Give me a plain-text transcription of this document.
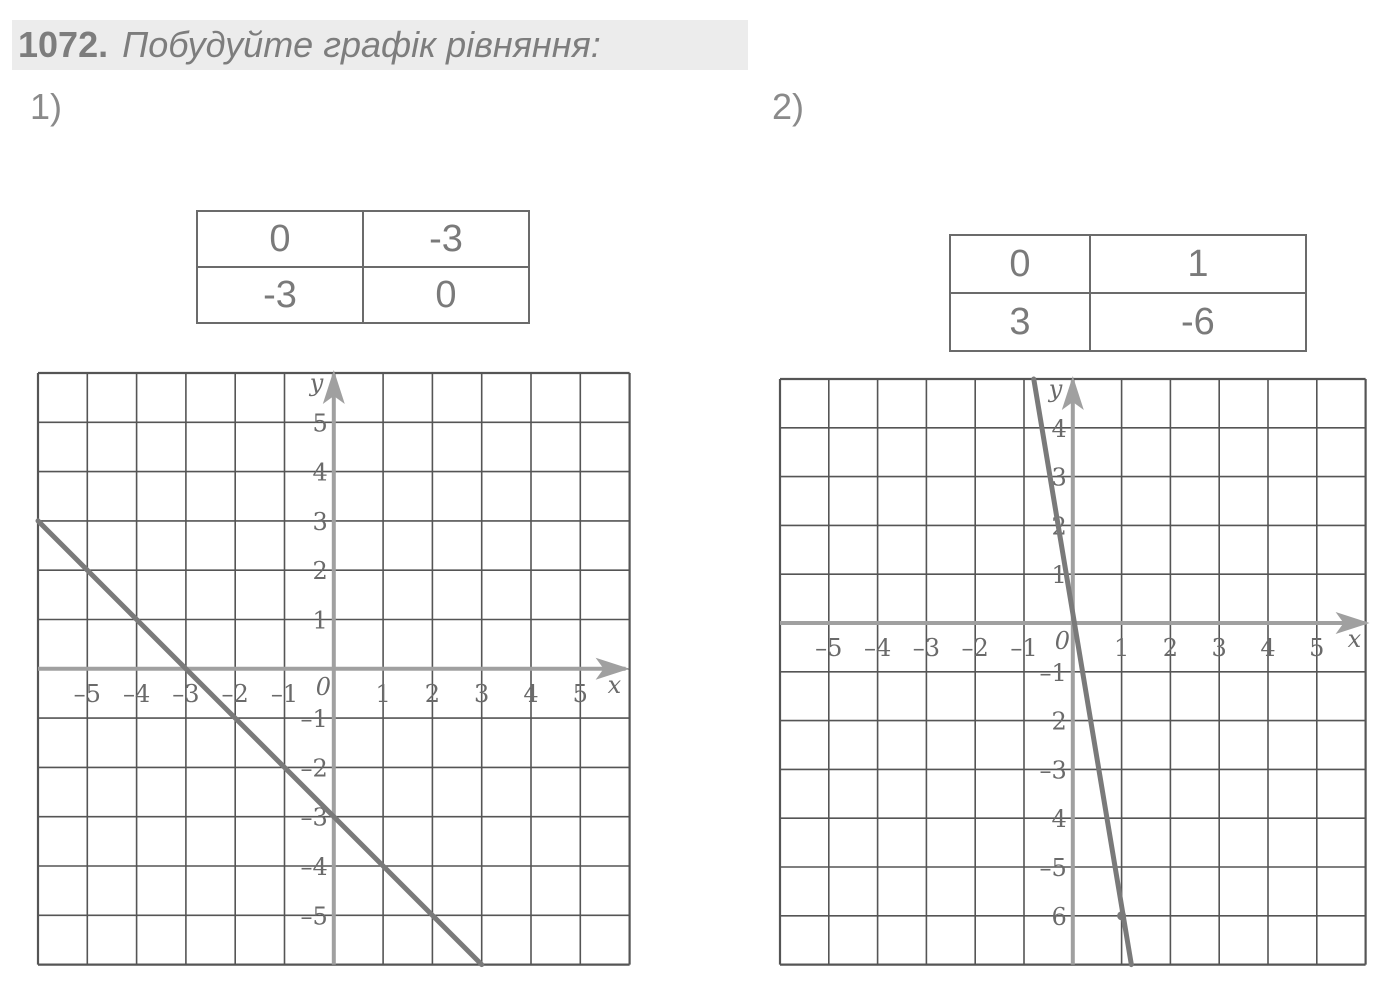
1072 . Побудуйте графік рівняння:
1)	2)
0	-3
-3	0
0	1
3	-6
x
y
0
–5 –4 –3 –2 –1	1 2 3 4 5
–5
–4
–3
–2
–1
1
2
3
4
5
x
y
0
–5 –4 –3 –2 –1	1 2 3 4 5
6
–5
4
–3
2
–1
1
2
3
4
